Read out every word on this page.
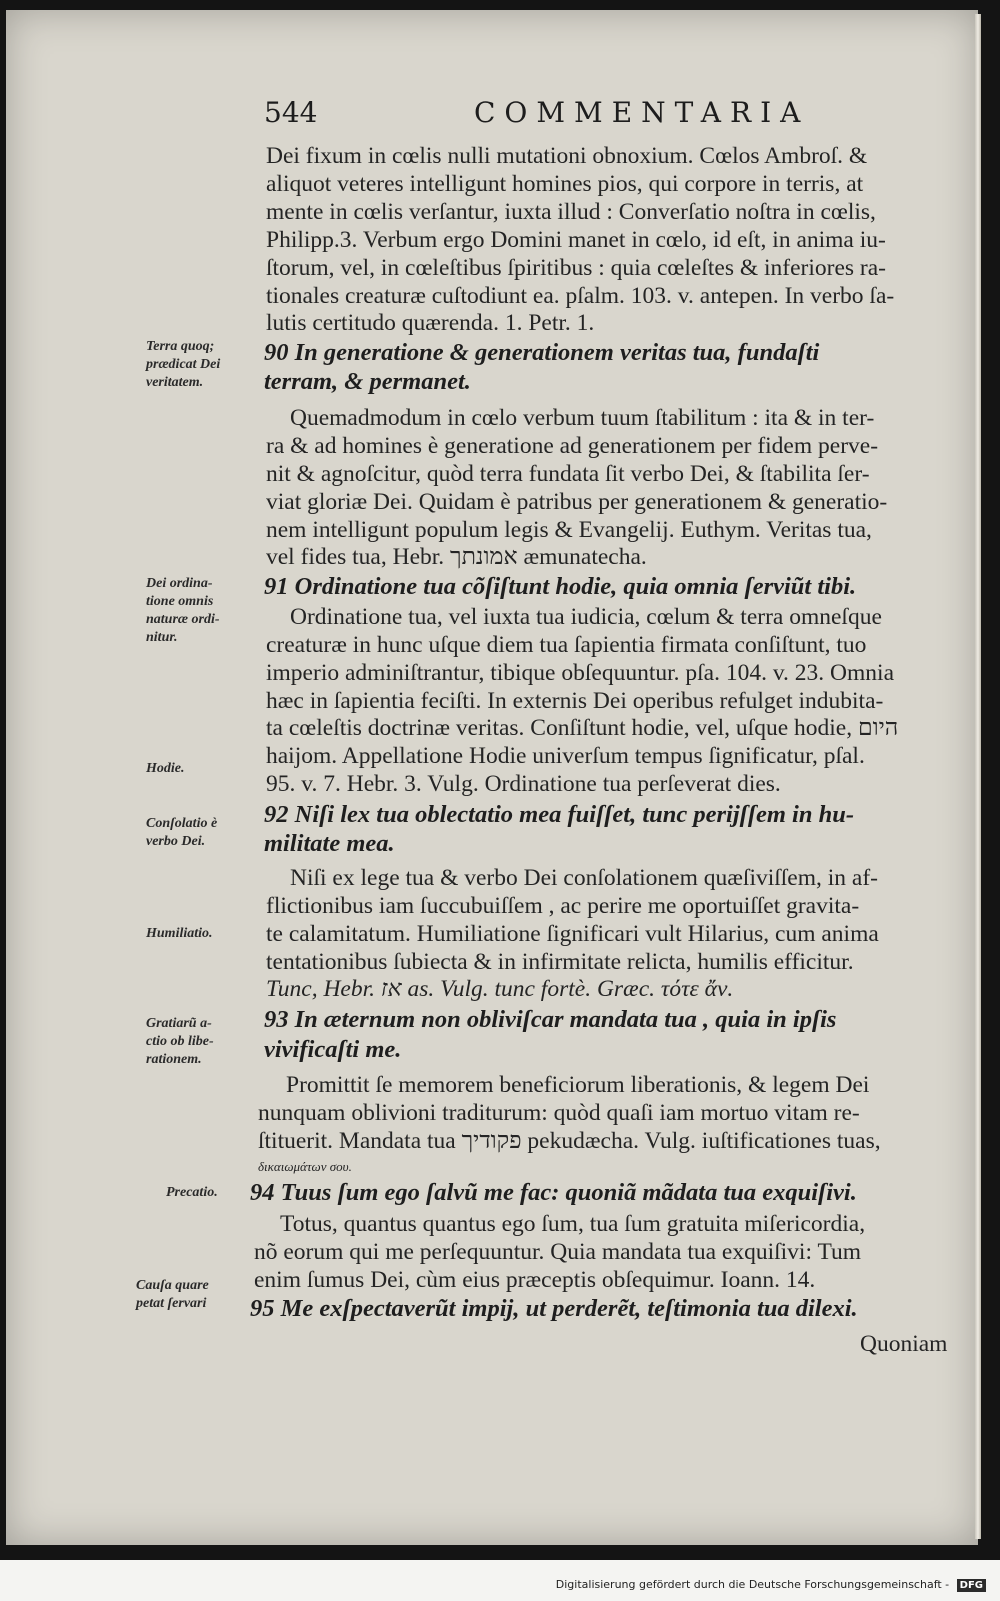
544	COMMENTARIA
Dei fixum in cœlis nulli mutationi obnoxium. Cœlos Ambroſ. &
aliquot veteres intelligunt homines pios, qui corpore in terris, at
mente in cœlis verſantur, iuxta illud : Converſatio noſtra in cœlis,
Philipp.3. Verbum ergo Domini manet in cœlo, id eſt, in anima iu-
ſtorum, vel, in cœleſtibus ſpiritibus : quia cœleſtes & inferiores ra-
tionales creaturæ cuſtodiunt ea. pſalm. 103. v. antepen. In verbo ſa-
lutis certitudo quærenda. 1. Petr. 1.
90 In generatione & generationem veritas tua, fundaſti
terram, & permanet.
Quemadmodum in cœlo verbum tuum ſtabilitum : ita & in ter-
ra & ad homines è generatione ad generationem per fidem perve-
nit & agnoſcitur, quòd terra fundata ſit verbo Dei, & ſtabilita ſer-
viat gloriæ Dei. Quidam è patribus per generationem & generatio-
nem intelligunt populum legis & Evangelij. Euthym. Veritas tua,
vel fides tua, Hebr. אמונתך æmunatecha.
91 Ordinatione tua cõſiſtunt hodie, quia omnia ſerviũt tibi.
Ordinatione tua, vel iuxta tua iudicia, cœlum & terra omneſque
creaturæ in hunc uſque diem tua ſapientia firmata conſiſtunt, tuo
imperio adminiſtrantur, tibique obſequuntur. pſa. 104. v. 23. Omnia
hæc in ſapientia feciſti. In externis Dei operibus refulget indubita-
ta cœleſtis doctrinæ veritas. Conſiſtunt hodie, vel, uſque hodie, היום
haijom. Appellatione Hodie univerſum tempus ſignificatur, pſal.
95. v. 7. Hebr. 3. Vulg. Ordinatione tua perſeverat dies.
92 Niſi lex tua oblectatio mea fuiſſet, tunc perijſſem in hu-
militate mea.
Niſi ex lege tua & verbo Dei conſolationem quæſiviſſem, in af-
flictionibus iam ſuccubuiſſem , ac perire me oportuiſſet gravita-
te calamitatum. Humiliatione ſignificari vult Hilarius, cum anima
tentationibus ſubiecta & in infirmitate relicta, humilis efficitur.
Tunc, Hebr. אז as. Vulg. tunc fortè. Græc. τότε ἄν.
93 In æternum non obliviſcar mandata tua , quia in ipſis
vivificaſti me.
Promittit ſe memorem beneficiorum liberationis, & legem Dei
nunquam oblivioni traditurum: quòd quaſi iam mortuo vitam re-
ſtituerit. Mandata tua פקודיך pekudæcha. Vulg. iuſtificationes tuas,
δικαιωμάτων σου.
94 Tuus ſum ego ſalvũ me fac: quoniã mãdata tua exquiſivi.
Totus, quantus quantus ego ſum, tua ſum gratuita miſericordia,
nõ eorum qui me perſequuntur. Quia mandata tua exquiſivi: Tum
enim ſumus Dei, cùm eius præceptis obſequimur. Ioann. 14.
95 Me exſpectaverũt impij, ut perderẽt, teſtimonia tua dilexi.
Quoniam
Terra quoq;
prædicat Dei
veritatem.
Dei ordina-
tione omnis
naturæ ordi-
nitur.
Hodie.
Conſolatio è
verbo Dei.
Humiliatio.
Gratiarũ a-
ctio ob libe-
rationem.
Precatio.
Cauſa quare
petat ſervari
Digitalisierung gefördert durch die Deutsche Forschungsgemeinschaft - DFG
